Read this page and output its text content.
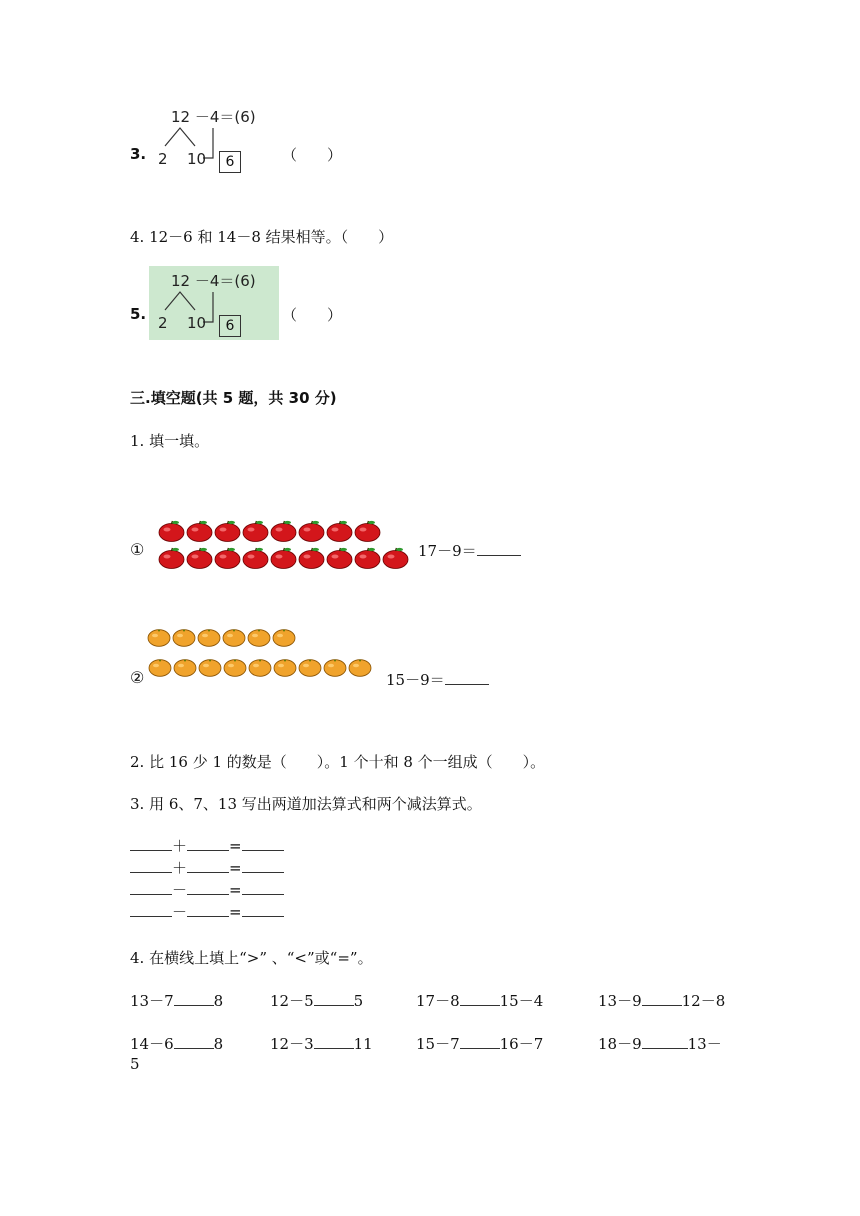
3.
12 －4＝(6)
2 10	6	（　　）
4. 12－6 和 14－8 结果相等。（　　）
5.
12 －4＝(6)
2 10	6
（　　）
三.填空题(共 5 题，共 30 分)
1. 填一填。
①	17－9＝
②	15－9＝
2. 比 16 少 1 的数是（　　）。1 个十和 8 个一组成（　　）。
3. 用 6、7、13 写出两道加法算式和两个减法算式。
＋	=
＋	=
－	=
－	=
4. 在横线上填上“>” 、“<”或“=”。
13－7	8	12－5	5	17－8	15－4	13－9	12－8
14－6	8	12－3	11	15－7	16－7	18－9	13－
5
